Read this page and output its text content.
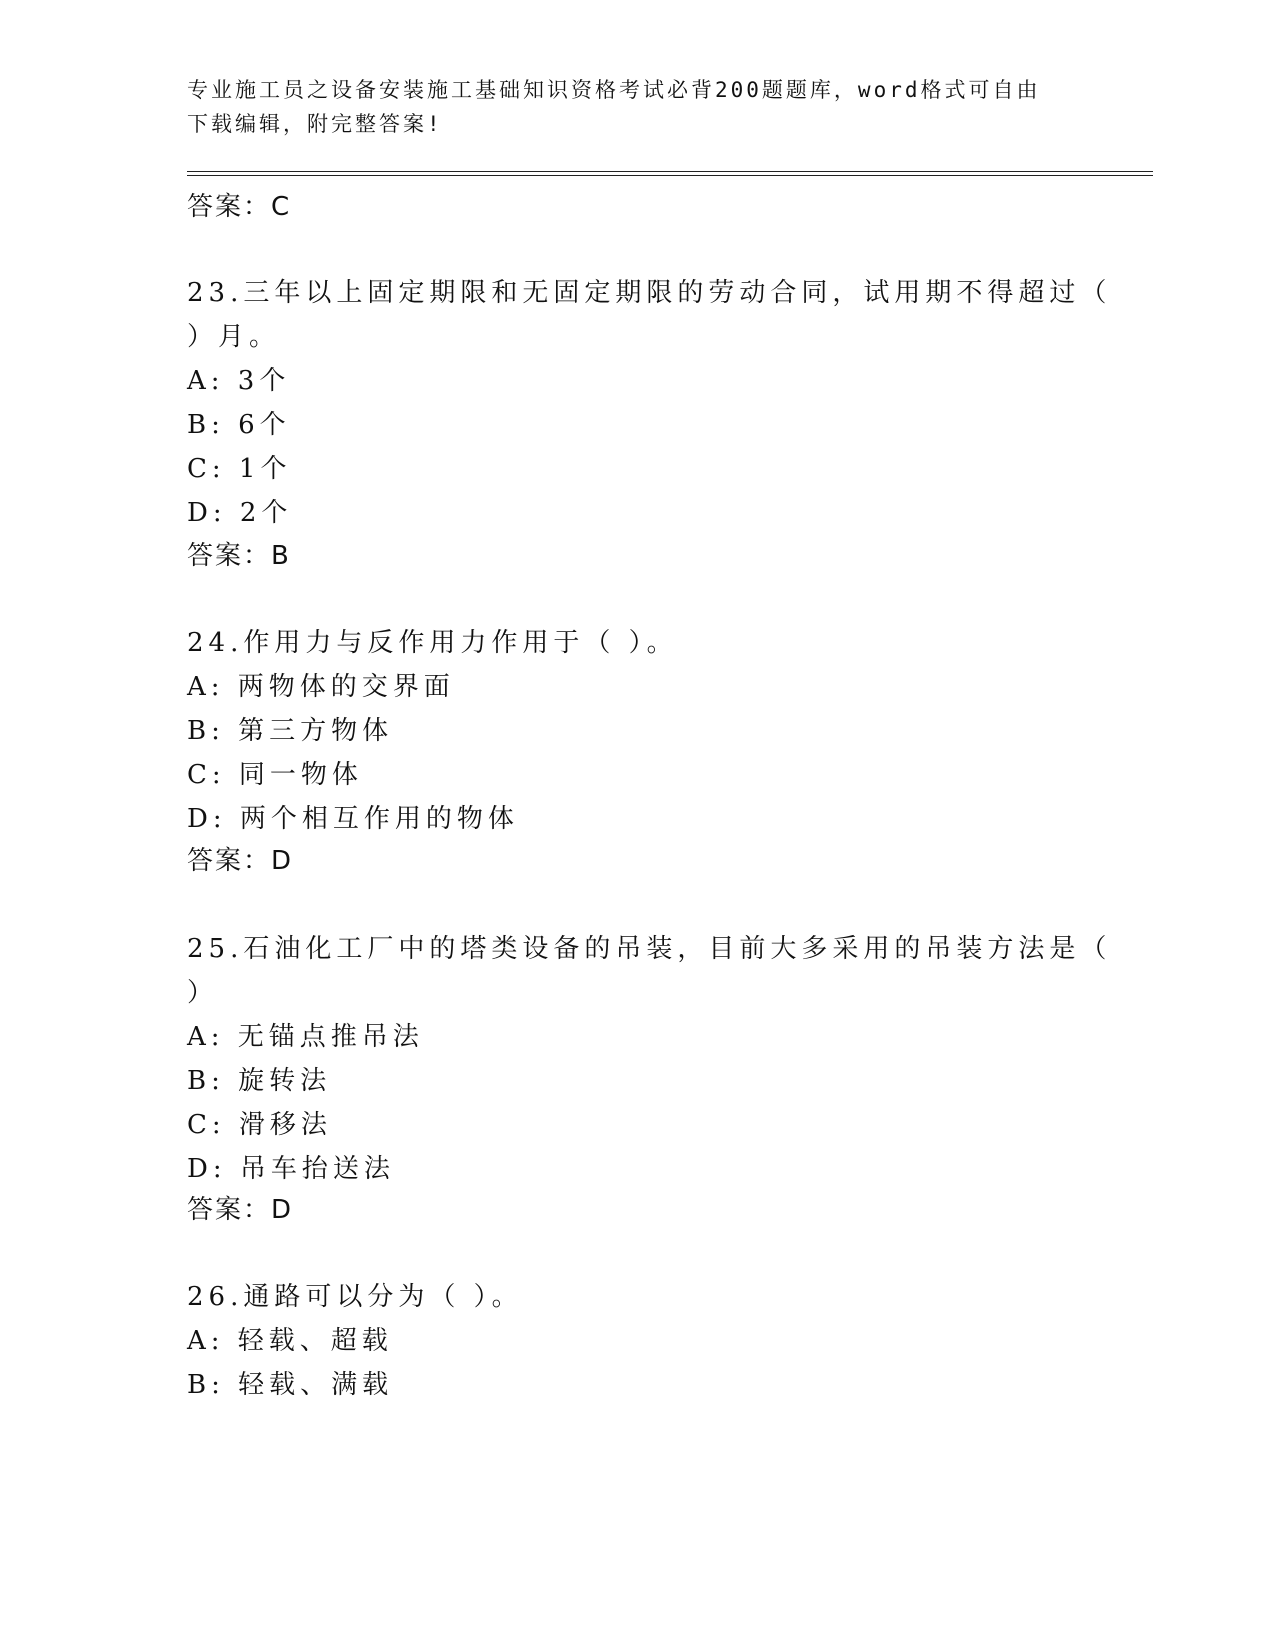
专业施工员之设备安装施工基础知识资格考试必背200题题库，word格式可自由
下载编辑，附完整答案!
答案：C
23.三年以上固定期限和无固定期限的劳动合同，试用期不得超过（
）月。
A: 3个
B: 6个
C: 1个
D: 2个
答案：B
24.作用力与反作用力作用于（ ）。
A: 两物体的交界面
B: 第三方物体
C: 同一物体
D: 两个相互作用的物体
答案：D
25.石油化工厂中的塔类设备的吊装，目前大多采用的吊装方法是（
）
A: 无锚点推吊法
B: 旋转法
C: 滑移法
D: 吊车抬送法
答案：D
26.通路可以分为（ ）。
A: 轻载、超载
B: 轻载、满载
